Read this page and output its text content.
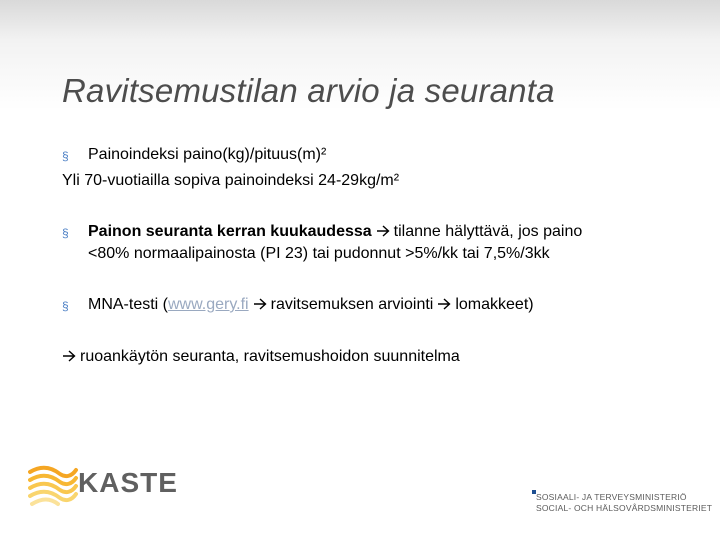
Ravitsemustilan arvio ja seuranta
§ Painoindeksi paino(kg)/pituus(m)²
Yli 70-vuotiailla sopiva painoindeksi 24-29kg/m²
§ Painon seuranta kerran kuukaudessa tilanne hälyttävä, jos paino
<80% normaalipainosta (PI 23) tai pudonnut >5%/kk tai 7,5%/3kk
§ MNA-testi (www.gery.fi ravitsemuksen arviointi lomakkeet)
ruoankäytön seuranta, ravitsemushoidon suunnitelma
KASTE	SOSIAALI- JA TERVEYSMINISTERIÖ
SOCIAL- OCH HÄLSOVÅRDSMINISTERIET
